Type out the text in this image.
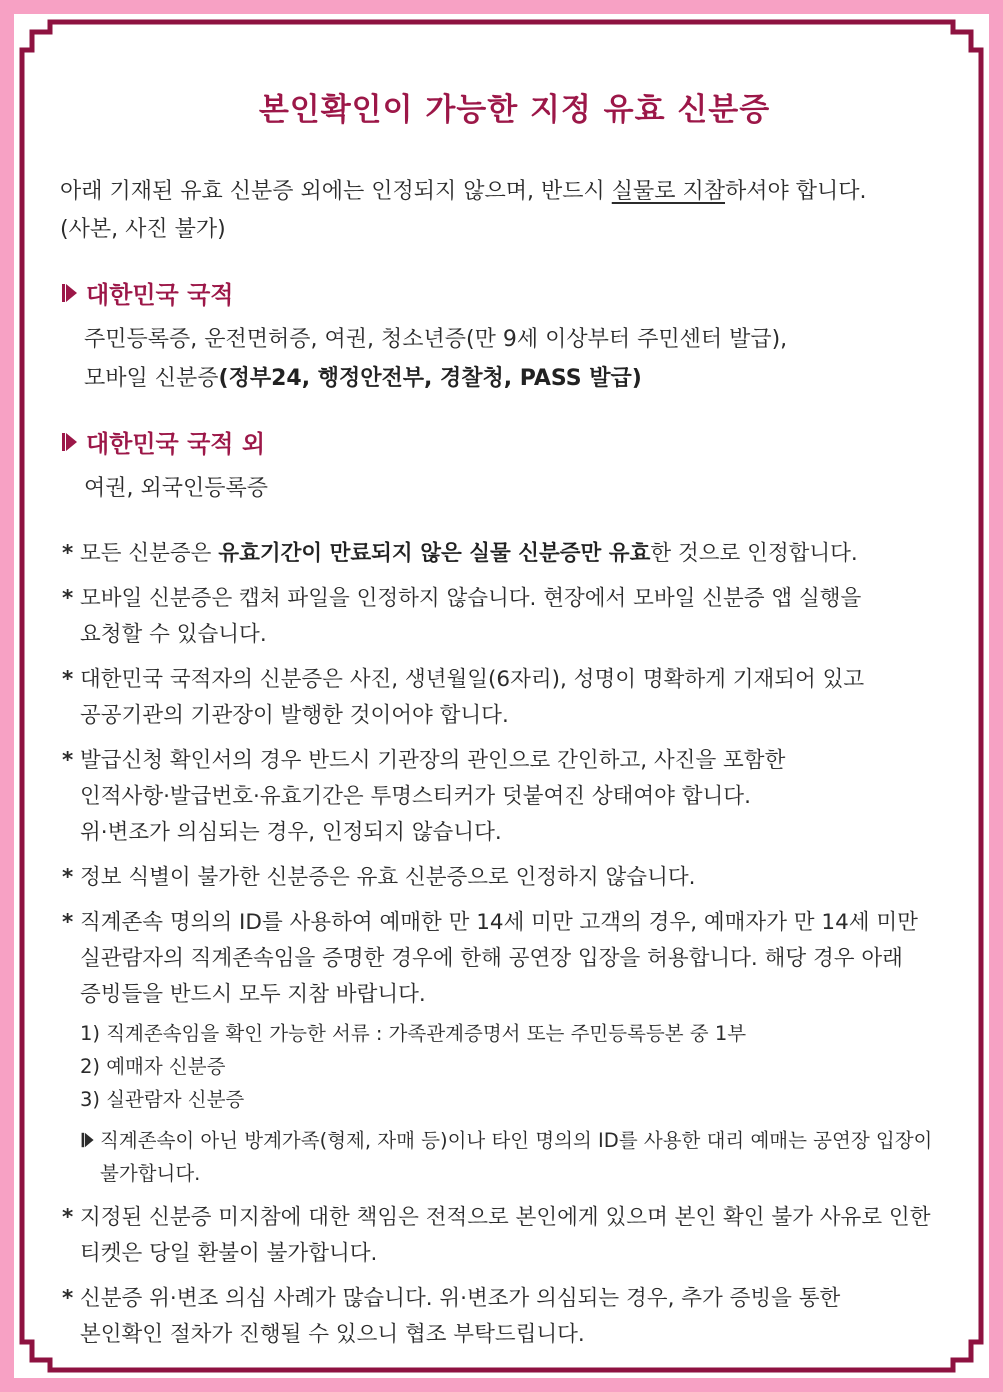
본인확인이 가능한 지정 유효 신분증
아래 기재된 유효 신분증 외에는 인정되지 않으며, 반드시 실물로 지참하셔야 합니다.
(사본, 사진 불가)
대한민국 국적
주민등록증, 운전면허증, 여권, 청소년증(만 9세 이상부터 주민센터 발급),
모바일 신분증(정부24, 행정안전부, 경찰청, PASS 발급)
대한민국 국적 외
여권, 외국인등록증
* 모든 신분증은 유효기간이 만료되지 않은 실물 신분증만 유효한 것으로 인정합니다.
* 모바일 신분증은 캡처 파일을 인정하지 않습니다. 현장에서 모바일 신분증 앱 실행을
요청할 수 있습니다.
* 대한민국 국적자의 신분증은 사진, 생년월일(6자리), 성명이 명확하게 기재되어 있고
공공기관의 기관장이 발행한 것이어야 합니다.
* 발급신청 확인서의 경우 반드시 기관장의 관인으로 간인하고, 사진을 포함한
인적사항·발급번호·유효기간은 투명스티커가 덧붙여진 상태여야 합니다.
위·변조가 의심되는 경우, 인정되지 않습니다.
* 정보 식별이 불가한 신분증은 유효 신분증으로 인정하지 않습니다.
* 직계존속 명의의 ID를 사용하여 예매한 만 14세 미만 고객의 경우, 예매자가 만 14세 미만
실관람자의 직계존속임을 증명한 경우에 한해 공연장 입장을 허용합니다. 해당 경우 아래
증빙들을 반드시 모두 지참 바랍니다.
1) 직계존속임을 확인 가능한 서류 : 가족관계증명서 또는 주민등록등본 중 1부
2) 예매자 신분증
3) 실관람자 신분증
직계존속이 아닌 방계가족(형제, 자매 등)이나 타인 명의의 ID를 사용한 대리 예매는 공연장 입장이
불가합니다.
* 지정된 신분증 미지참에 대한 책임은 전적으로 본인에게 있으며 본인 확인 불가 사유로 인한
티켓은 당일 환불이 불가합니다.
* 신분증 위·변조 의심 사례가 많습니다. 위·변조가 의심되는 경우, 추가 증빙을 통한
본인확인 절차가 진행될 수 있으니 협조 부탁드립니다.
